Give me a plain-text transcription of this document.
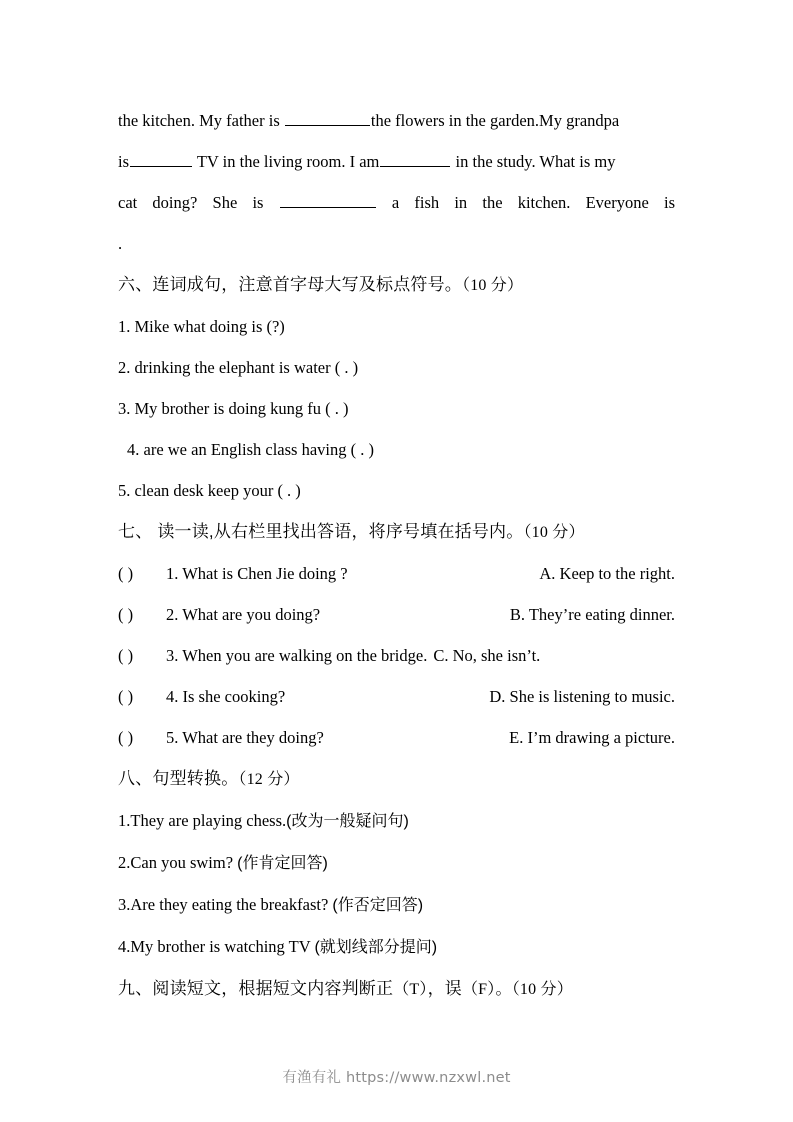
the kitchen. My father is	the flowers in the garden.My grandpa

is	TV in the living room. I am	in the study. What is my

cat doing? She is	a fish in the kitchen. Everyone is

.

六、连词成句，注意首字母大写及标点符号。（10 分）

1. Mike what doing is (?)

2. drinking the elephant is water ( . )

3. My brother is doing kung fu ( . )

4. are we an English class having ( . )

5. clean desk keep your ( . )

七、 读一读,从右栏里找出答语，将序号填在括号内。（10 分）

( )	1. What is Chen Jie doing ?	A. Keep to the right.
( )	2. What are you doing?	B. They’re eating dinner.
( )	3. When you are walking on the bridge. C. No, she isn’t.
( )	4. Is she cooking?	D. She is listening to music.
( )	5. What are they doing?	E. I’m drawing a picture.

八、句型转换。（12 分）

1.They are playing chess.(改为一般疑问句)

2.Can you swim? (作肯定回答)

3.Are they eating the breakfast? (作否定回答)

4.My brother is watching TV (就划线部分提问)

九、阅读短文，根据短文内容判断正（T），误（F）。（10 分）

有渔有礼 https://www.nzxwl.net
